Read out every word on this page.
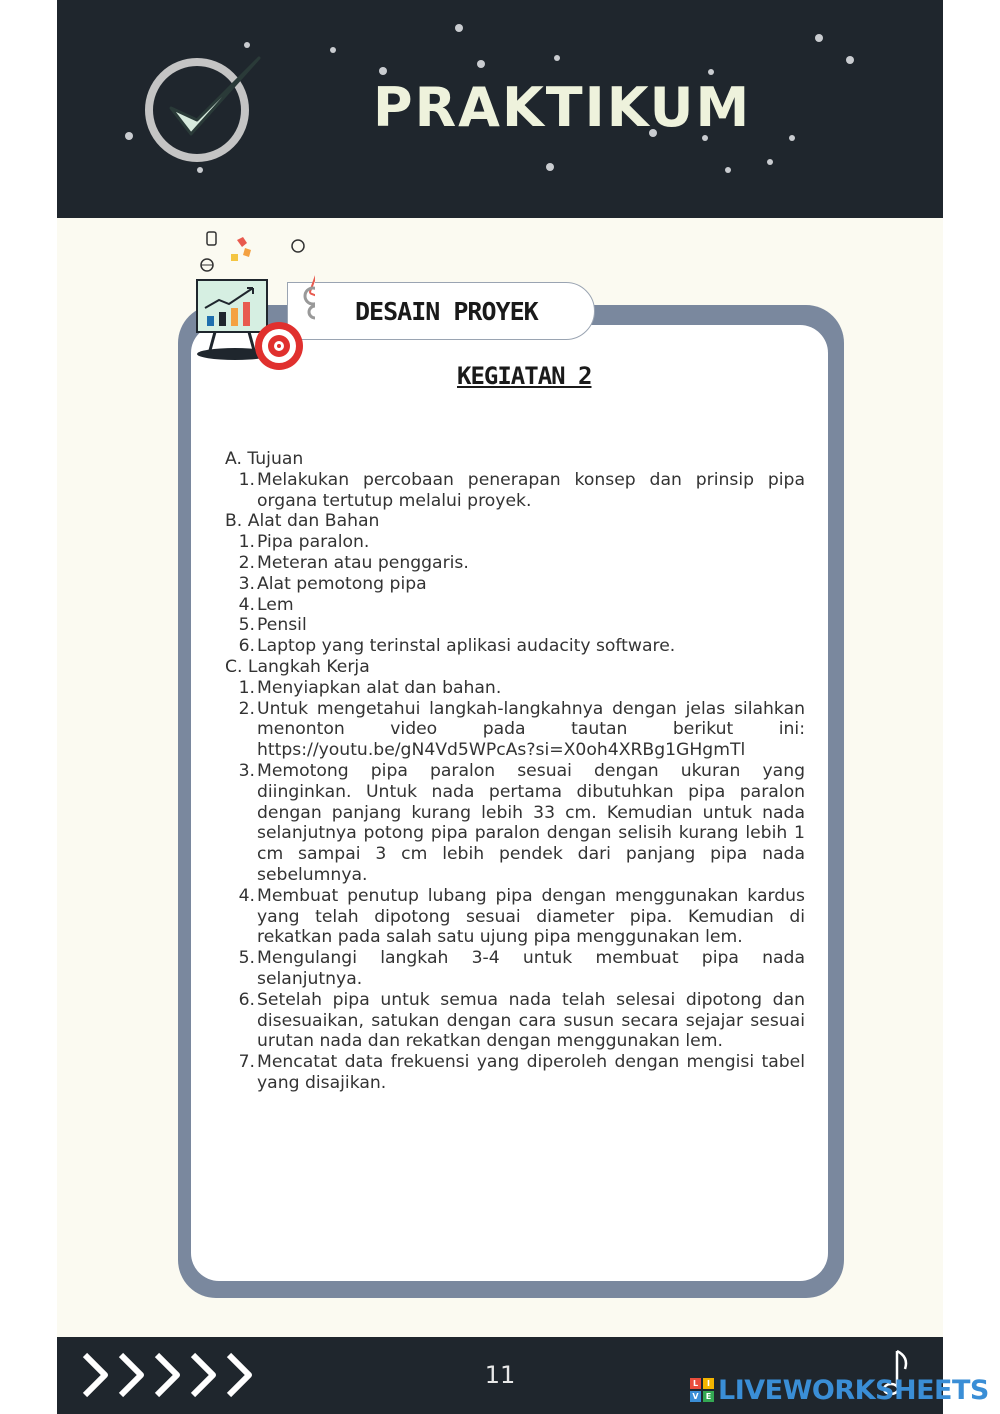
PRAKTIKUM
DESAIN PROYEK
KEGIATAN 2

A. Tujuan

1. Melakukan percobaan penerapan konsep dan prinsip pipa organa tertutup melalui proyek.

B. Alat dan Bahan

1. Pipa paralon.
2. Meteran atau penggaris.
3. Alat pemotong pipa
4. Lem
5. Pensil
6. Laptop yang terinstal aplikasi audacity software.

C. Langkah Kerja

1. Menyiapkan alat dan bahan.
2. Untuk mengetahui langkah-langkahnya dengan jelas silahkan menonton video pada tautan berikut ini: https://youtu.be/gN4Vd5WPcAs?si=X0oh4XRBg1GHgmTl
3. Memotong pipa paralon sesuai dengan ukuran yang diinginkan. Untuk nada pertama dibutuhkan pipa paralon dengan panjang kurang lebih 33 cm. Kemudian untuk nada selanjutnya potong pipa paralon dengan selisih kurang lebih 1 cm sampai 3 cm lebih pendek dari panjang pipa nada sebelumnya.
4. Membuat penutup lubang pipa dengan menggunakan kardus yang telah dipotong sesuai diameter pipa. Kemudian di rekatkan pada salah satu ujung pipa menggunakan lem.
5. Mengulangi langkah 3-4 untuk membuat pipa nada selanjutnya.
6. Setelah pipa untuk semua nada telah selesai dipotong dan disesuaikan, satukan dengan cara susun secara sejajar sesuai urutan nada dan rekatkan dengan menggunakan lem.
7. Mencatat data frekuensi yang diperoleh dengan mengisi tabel yang disajikan.
11	L	I
V E LIVEWORKSHEETS
